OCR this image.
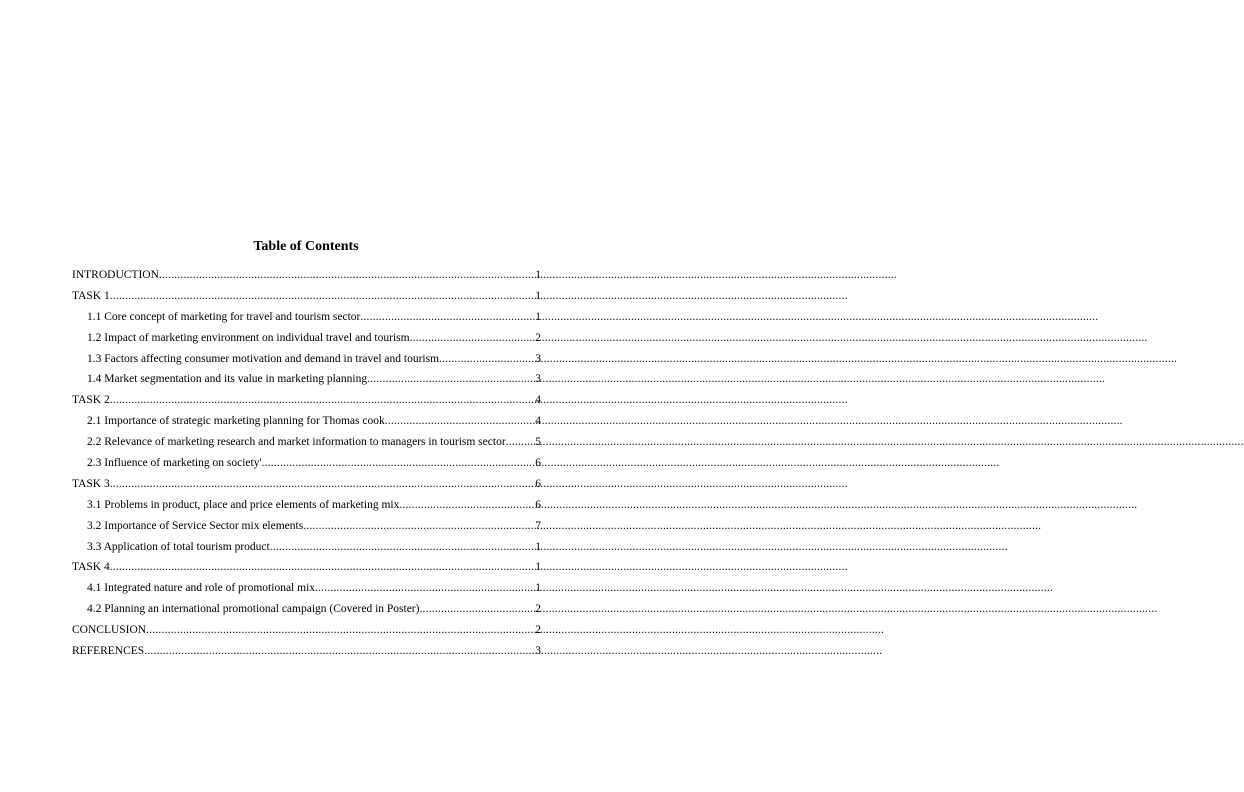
Table of Contents
INTRODUCTION .....	1
TASK 1 .....	1
1.1 Core concept of marketing for travel and tourism sector .....	1
1.2 Impact of marketing environment on individual travel and tourism .....	2
1.3 Factors affecting consumer motivation and demand in travel and tourism .....	3
1.4 Market segmentation and its value in marketing planning .....	3
TASK 2 .....	4
2.1 Importance of strategic marketing planning for Thomas cook .....	4
2.2 Relevance of marketing research and market information to managers in tourism sector .....	5
2.3 Influence of marketing on society' .....	6
TASK 3 .....	6
3.1 Problems in product, place and price elements of marketing mix .....	6
3.2 Importance of Service Sector mix elements .....	7
3.3 Application of total tourism product .....	1
TASK 4 .....	1
4.1 Integrated nature and role of promotional mix .....	1
4.2 Planning an international promotional campaign (Covered in Poster) .....	2
CONCLUSION .....	2
REFERENCES .....	3
